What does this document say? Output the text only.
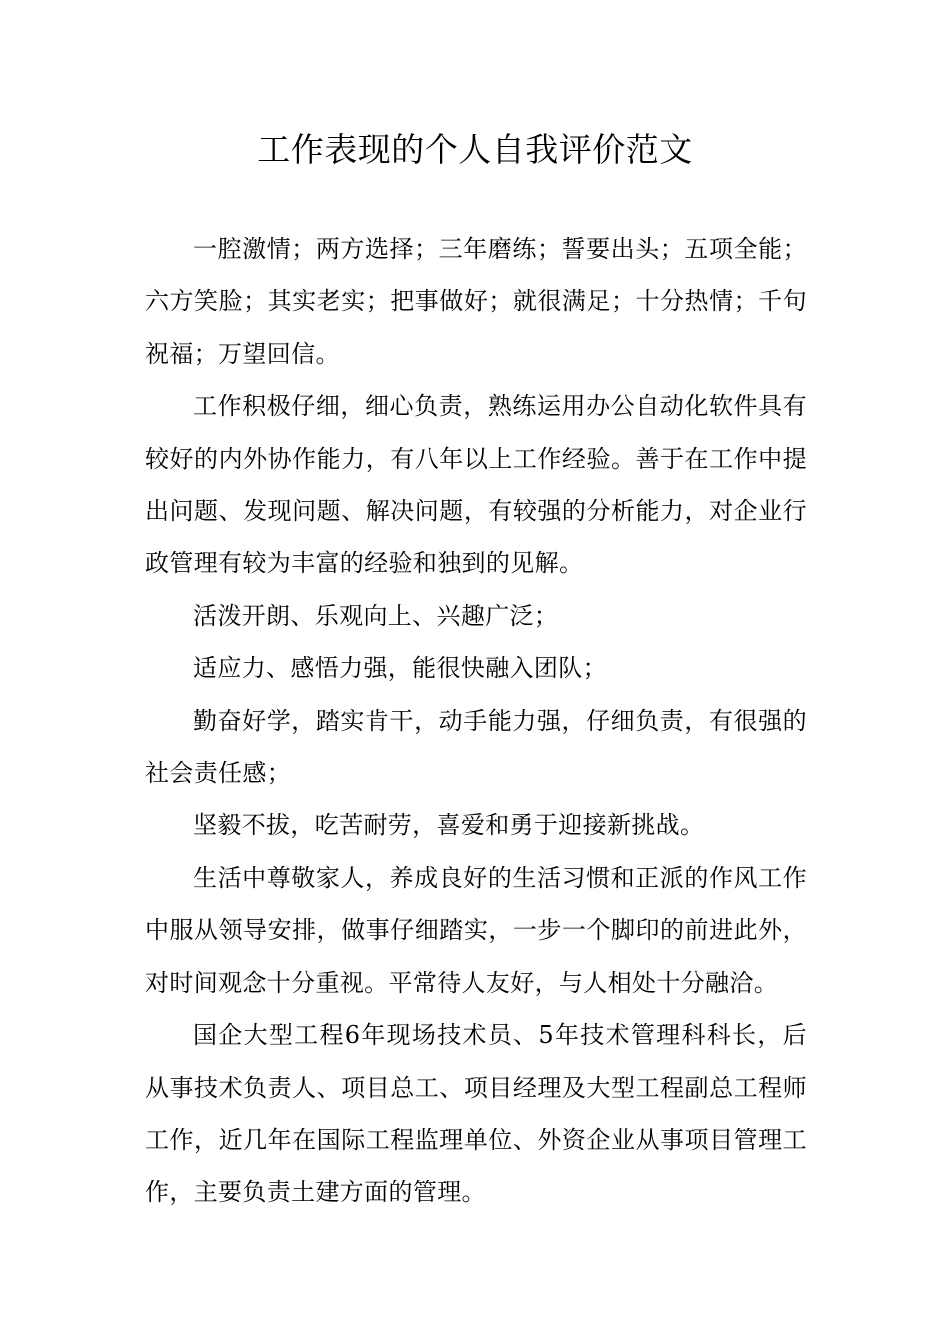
工作表现的个人自我评价范文

一腔激情；两方选择；三年磨练；誓要出头；五项全能；六方笑脸；其实老实；把事做好；就很满足；十分热情；千句祝福；万望回信。

工作积极仔细，细心负责，熟练运用办公自动化软件具有较好的内外协作能力，有八年以上工作经验。善于在工作中提出问题、发现问题、解决问题，有较强的分析能力，对企业行政管理有较为丰富的经验和独到的见解。

活泼开朗、乐观向上、兴趣广泛；

适应力、感悟力强，能很快融入团队；

勤奋好学，踏实肯干，动手能力强，仔细负责，有很强的社会责任感；

坚毅不拔，吃苦耐劳，喜爱和勇于迎接新挑战。

生活中尊敬家人，养成良好的生活习惯和正派的作风工作中服从领导安排，做事仔细踏实，一步一个脚印的前进此外，对时间观念十分重视。平常待人友好，与人相处十分融洽。

国企大型工程6年现场技术员、5年技术管理科科长，后从事技术负责人、项目总工、项目经理及大型工程副总工程师工作，近几年在国际工程监理单位、外资企业从事项目管理工作，主要负责土建方面的管理。
